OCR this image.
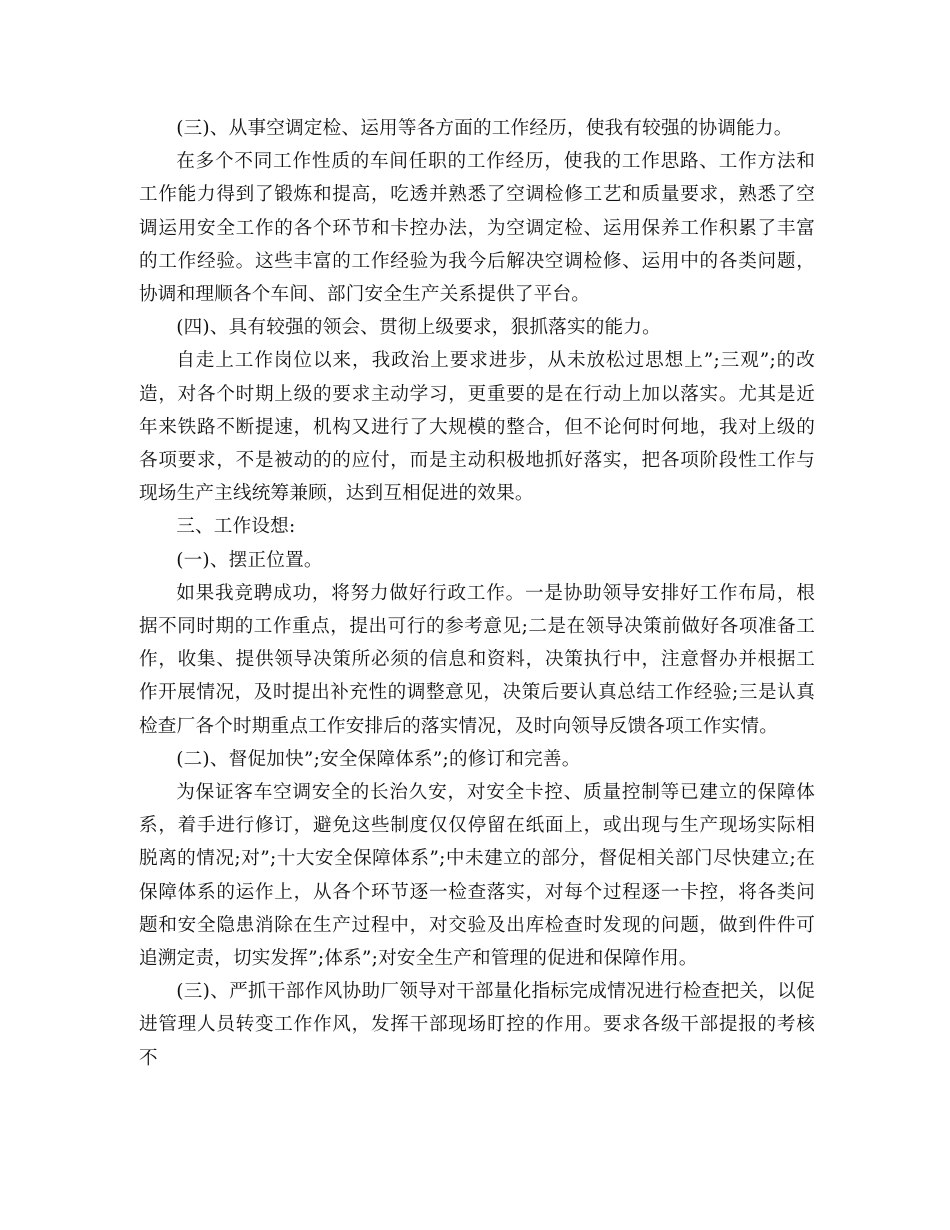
(三)、从事空调定检、运用等各方面的工作经历，使我有较强的协调能力。

在多个不同工作性质的车间任职的工作经历，使我的工作思路、工作方法和工作能力得到了锻炼和提高，吃透并熟悉了空调检修工艺和质量要求，熟悉了空调运用安全工作的各个环节和卡控办法，为空调定检、运用保养工作积累了丰富的工作经验。这些丰富的工作经验为我今后解决空调检修、运用中的各类问题，协调和理顺各个车间、部门安全生产关系提供了平台。

(四)、具有较强的领会、贯彻上级要求，狠抓落实的能力。

自走上工作岗位以来，我政治上要求进步，从未放松过思想上”;三观”;的改造，对各个时期上级的要求主动学习，更重要的是在行动上加以落实。尤其是近年来铁路不断提速，机构又进行了大规模的整合，但不论何时何地，我对上级的各项要求，不是被动的的应付，而是主动积极地抓好落实，把各项阶段性工作与现场生产主线统筹兼顾，达到互相促进的效果。

三、工作设想:

(一)、摆正位置。

如果我竞聘成功，将努力做好行政工作。一是协助领导安排好工作布局，根据不同时期的工作重点，提出可行的参考意见;二是在领导决策前做好各项准备工作，收集、提供领导决策所必须的信息和资料，决策执行中，注意督办并根据工作开展情况，及时提出补充性的调整意见，决策后要认真总结工作经验;三是认真检查厂各个时期重点工作安排后的落实情况，及时向领导反馈各项工作实情。

(二)、督促加快”;安全保障体系”;的修订和完善。

为保证客车空调安全的长治久安，对安全卡控、质量控制等已建立的保障体系，着手进行修订，避免这些制度仅仅停留在纸面上，或出现与生产现场实际相脱离的情况;对”;十大安全保障体系”;中未建立的部分，督促相关部门尽快建立;在保障体系的运作上，从各个环节逐一检查落实，对每个过程逐一卡控，将各类问题和安全隐患消除在生产过程中，对交验及出库检查时发现的问题，做到件件可追溯定责，切实发挥”;体系”;对安全生产和管理的促进和保障作用。

(三)、严抓干部作风协助厂领导对干部量化指标完成情况进行检查把关，以促进管理人员转变工作作风，发挥干部现场盯控的作用。要求各级干部提报的考核不
